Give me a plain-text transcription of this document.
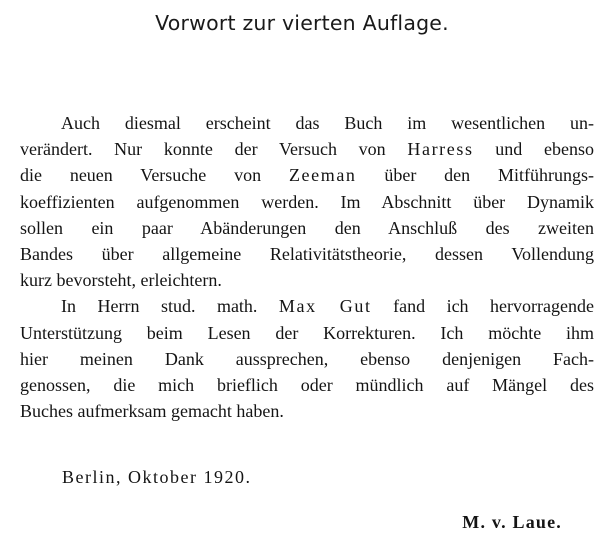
Vorwort zur vierten Auflage.
Auch diesmal erscheint das Buch im wesentlichen un-
verändert. Nur konnte der Versuch von Harress und ebenso
die neuen Versuche von Zeeman über den Mitführungs-
koeffizienten aufgenommen werden. Im Abschnitt über Dynamik
sollen ein paar Abänderungen den Anschluß des zweiten
Bandes über allgemeine Relativitätstheorie, dessen Vollendung
kurz bevorsteht, erleichtern.
In Herrn stud. math. Max Gut fand ich hervorragende
Unterstützung beim Lesen der Korrekturen. Ich möchte ihm
hier meinen Dank aussprechen, ebenso denjenigen Fach-
genossen, die mich brieflich oder mündlich auf Mängel des
Buches aufmerksam gemacht haben.
Berlin, Oktober 1920.
M. v. Laue.
